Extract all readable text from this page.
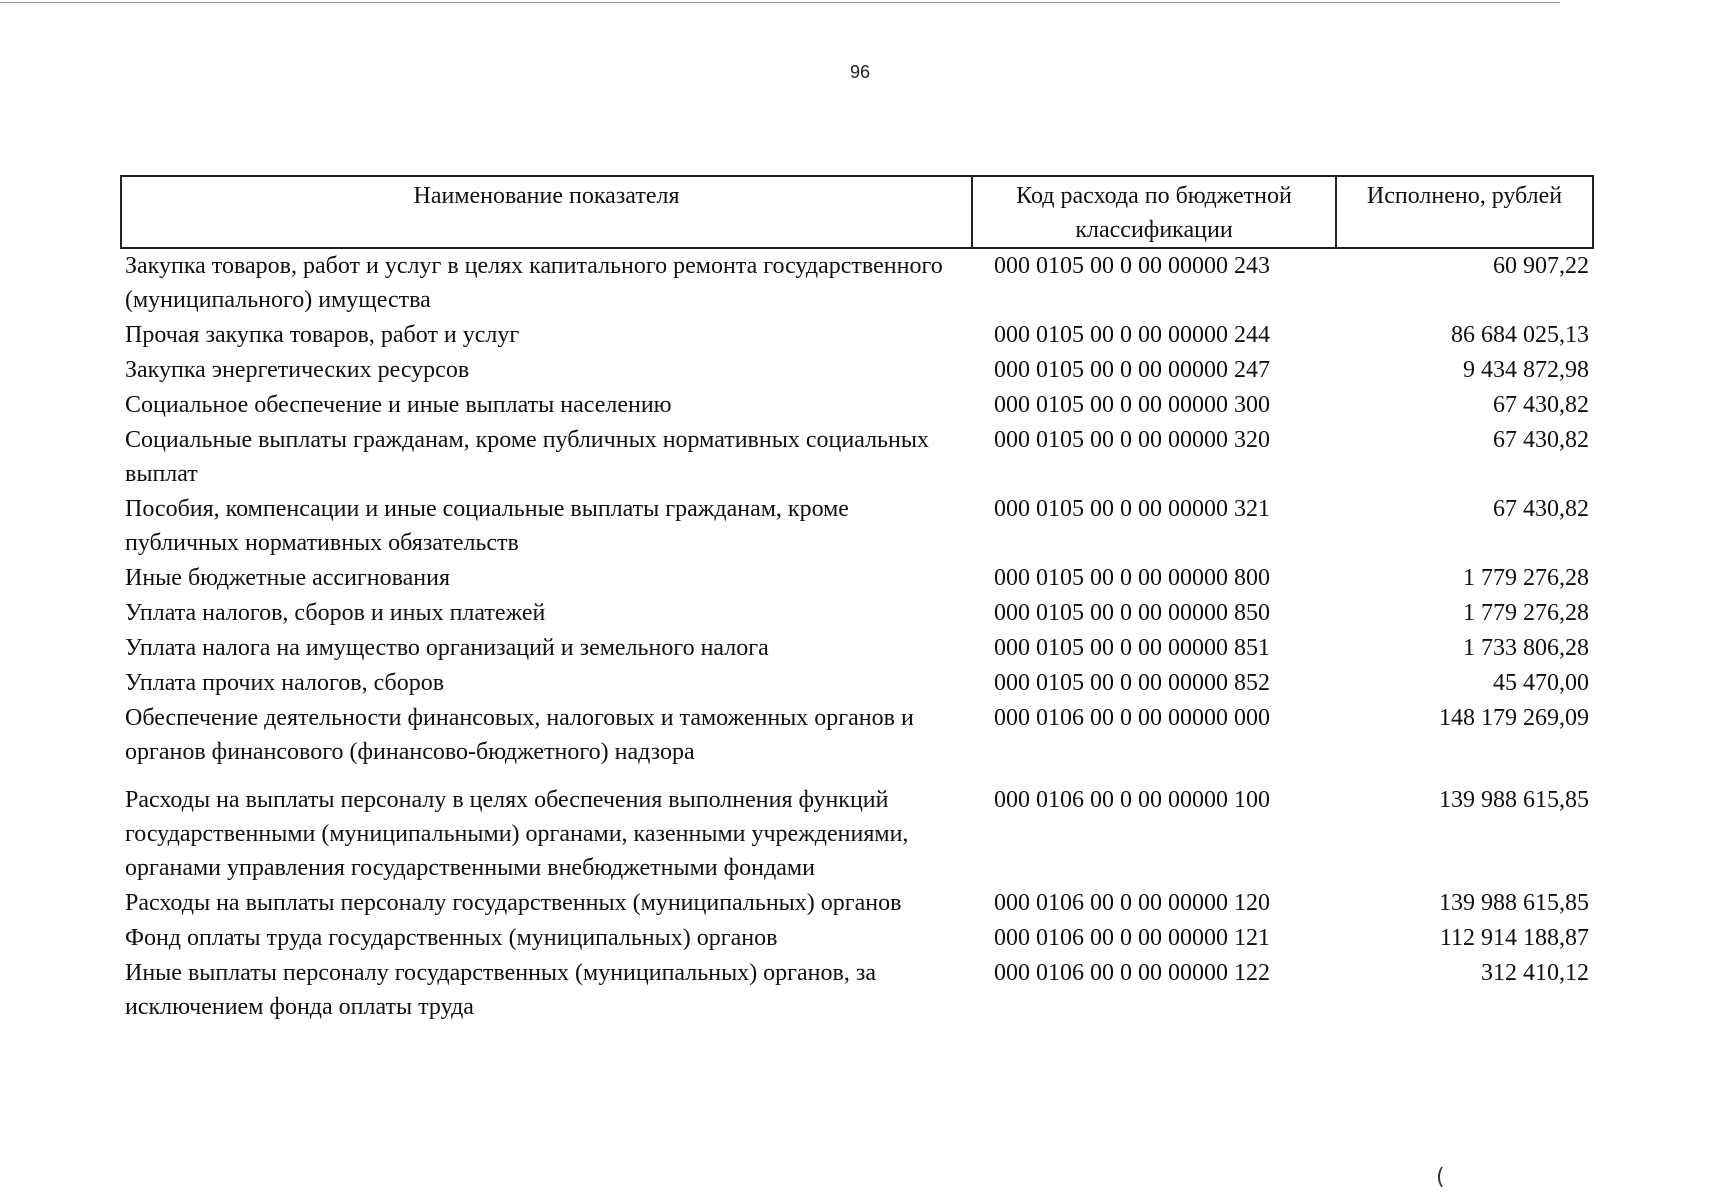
96
Наименование показателя	Код расхода по бюджетной классификации	Исполнено, рублей
Закупка товаров, работ и услуг в целях капитального ремонта государственного (муниципального) имущества	000 0105 00 0 00 00000 243	60 907,22
Прочая закупка товаров, работ и услуг	000 0105 00 0 00 00000 244	86 684 025,13
Закупка энергетических ресурсов	000 0105 00 0 00 00000 247	9 434 872,98
Социальное обеспечение и иные выплаты населению	000 0105 00 0 00 00000 300	67 430,82
Социальные выплаты гражданам, кроме публичных нормативных социальных выплат	000 0105 00 0 00 00000 320	67 430,82
Пособия, компенсации и иные социальные выплаты гражданам, кроме публичных нормативных обязательств	000 0105 00 0 00 00000 321	67 430,82
Иные бюджетные ассигнования	000 0105 00 0 00 00000 800	1 779 276,28
Уплата налогов, сборов и иных платежей	000 0105 00 0 00 00000 850	1 779 276,28
Уплата налога на имущество организаций и земельного налога	000 0105 00 0 00 00000 851	1 733 806,28
Уплата прочих налогов, сборов	000 0105 00 0 00 00000 852	45 470,00
Обеспечение деятельности финансовых, налоговых и таможенных органов и органов финансового (финансово-бюджетного) надзора	000 0106 00 0 00 00000 000	148 179 269,09
Расходы на выплаты персоналу в целях обеспечения выполнения функций государственными (муниципальными) органами, казенными учреждениями, органами управления государственными внебюджетными фондами	000 0106 00 0 00 00000 100	139 988 615,85
Расходы на выплаты персоналу государственных (муниципальных) органов	000 0106 00 0 00 00000 120	139 988 615,85
Фонд оплаты труда государственных (муниципальных) органов	000 0106 00 0 00 00000 121	112 914 188,87
Иные выплаты персоналу государственных (муниципальных) органов, за исключением фонда оплаты труда	000 0106 00 0 00 00000 122	312 410,12
(
